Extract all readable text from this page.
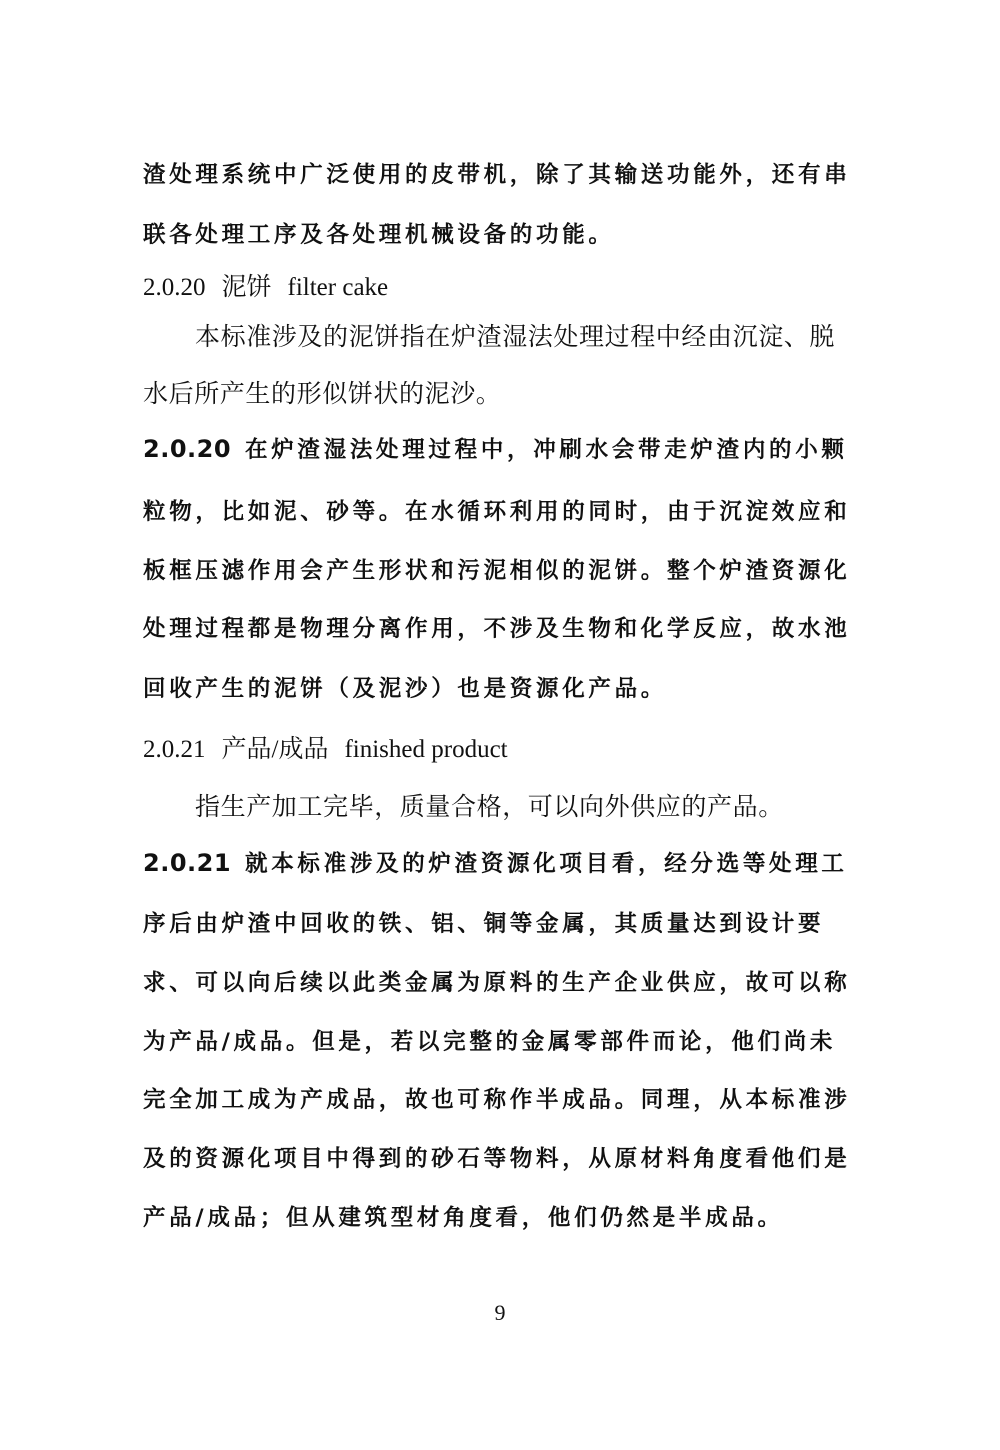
渣处理系统中广泛使用的皮带机，除了其输送功能外，还有串
联各处理工序及各处理机械设备的功能。
2.0.20 泥饼 filter cake
本标准涉及的泥饼指在炉渣湿法处理过程中经由沉淀、脱
水后所产生的形似饼状的泥沙。
2.0.20 在炉渣湿法处理过程中，冲刷水会带走炉渣内的小颗
粒物，比如泥、砂等。在水循环利用的同时，由于沉淀效应和
板框压滤作用会产生形状和污泥相似的泥饼。整个炉渣资源化
处理过程都是物理分离作用，不涉及生物和化学反应，故水池
回收产生的泥饼（及泥沙）也是资源化产品。
2.0.21 产品/成品 finished product
指生产加工完毕，质量合格，可以向外供应的产品。
2.0.21 就本标准涉及的炉渣资源化项目看，经分选等处理工
序后由炉渣中回收的铁、铝、铜等金属，其质量达到设计要
求、可以向后续以此类金属为原料的生产企业供应，故可以称
为产品/成品。但是，若以完整的金属零部件而论，他们尚未
完全加工成为产成品，故也可称作半成品。同理，从本标准涉
及的资源化项目中得到的砂石等物料，从原材料角度看他们是
产品/成品；但从建筑型材角度看，他们仍然是半成品。
9
